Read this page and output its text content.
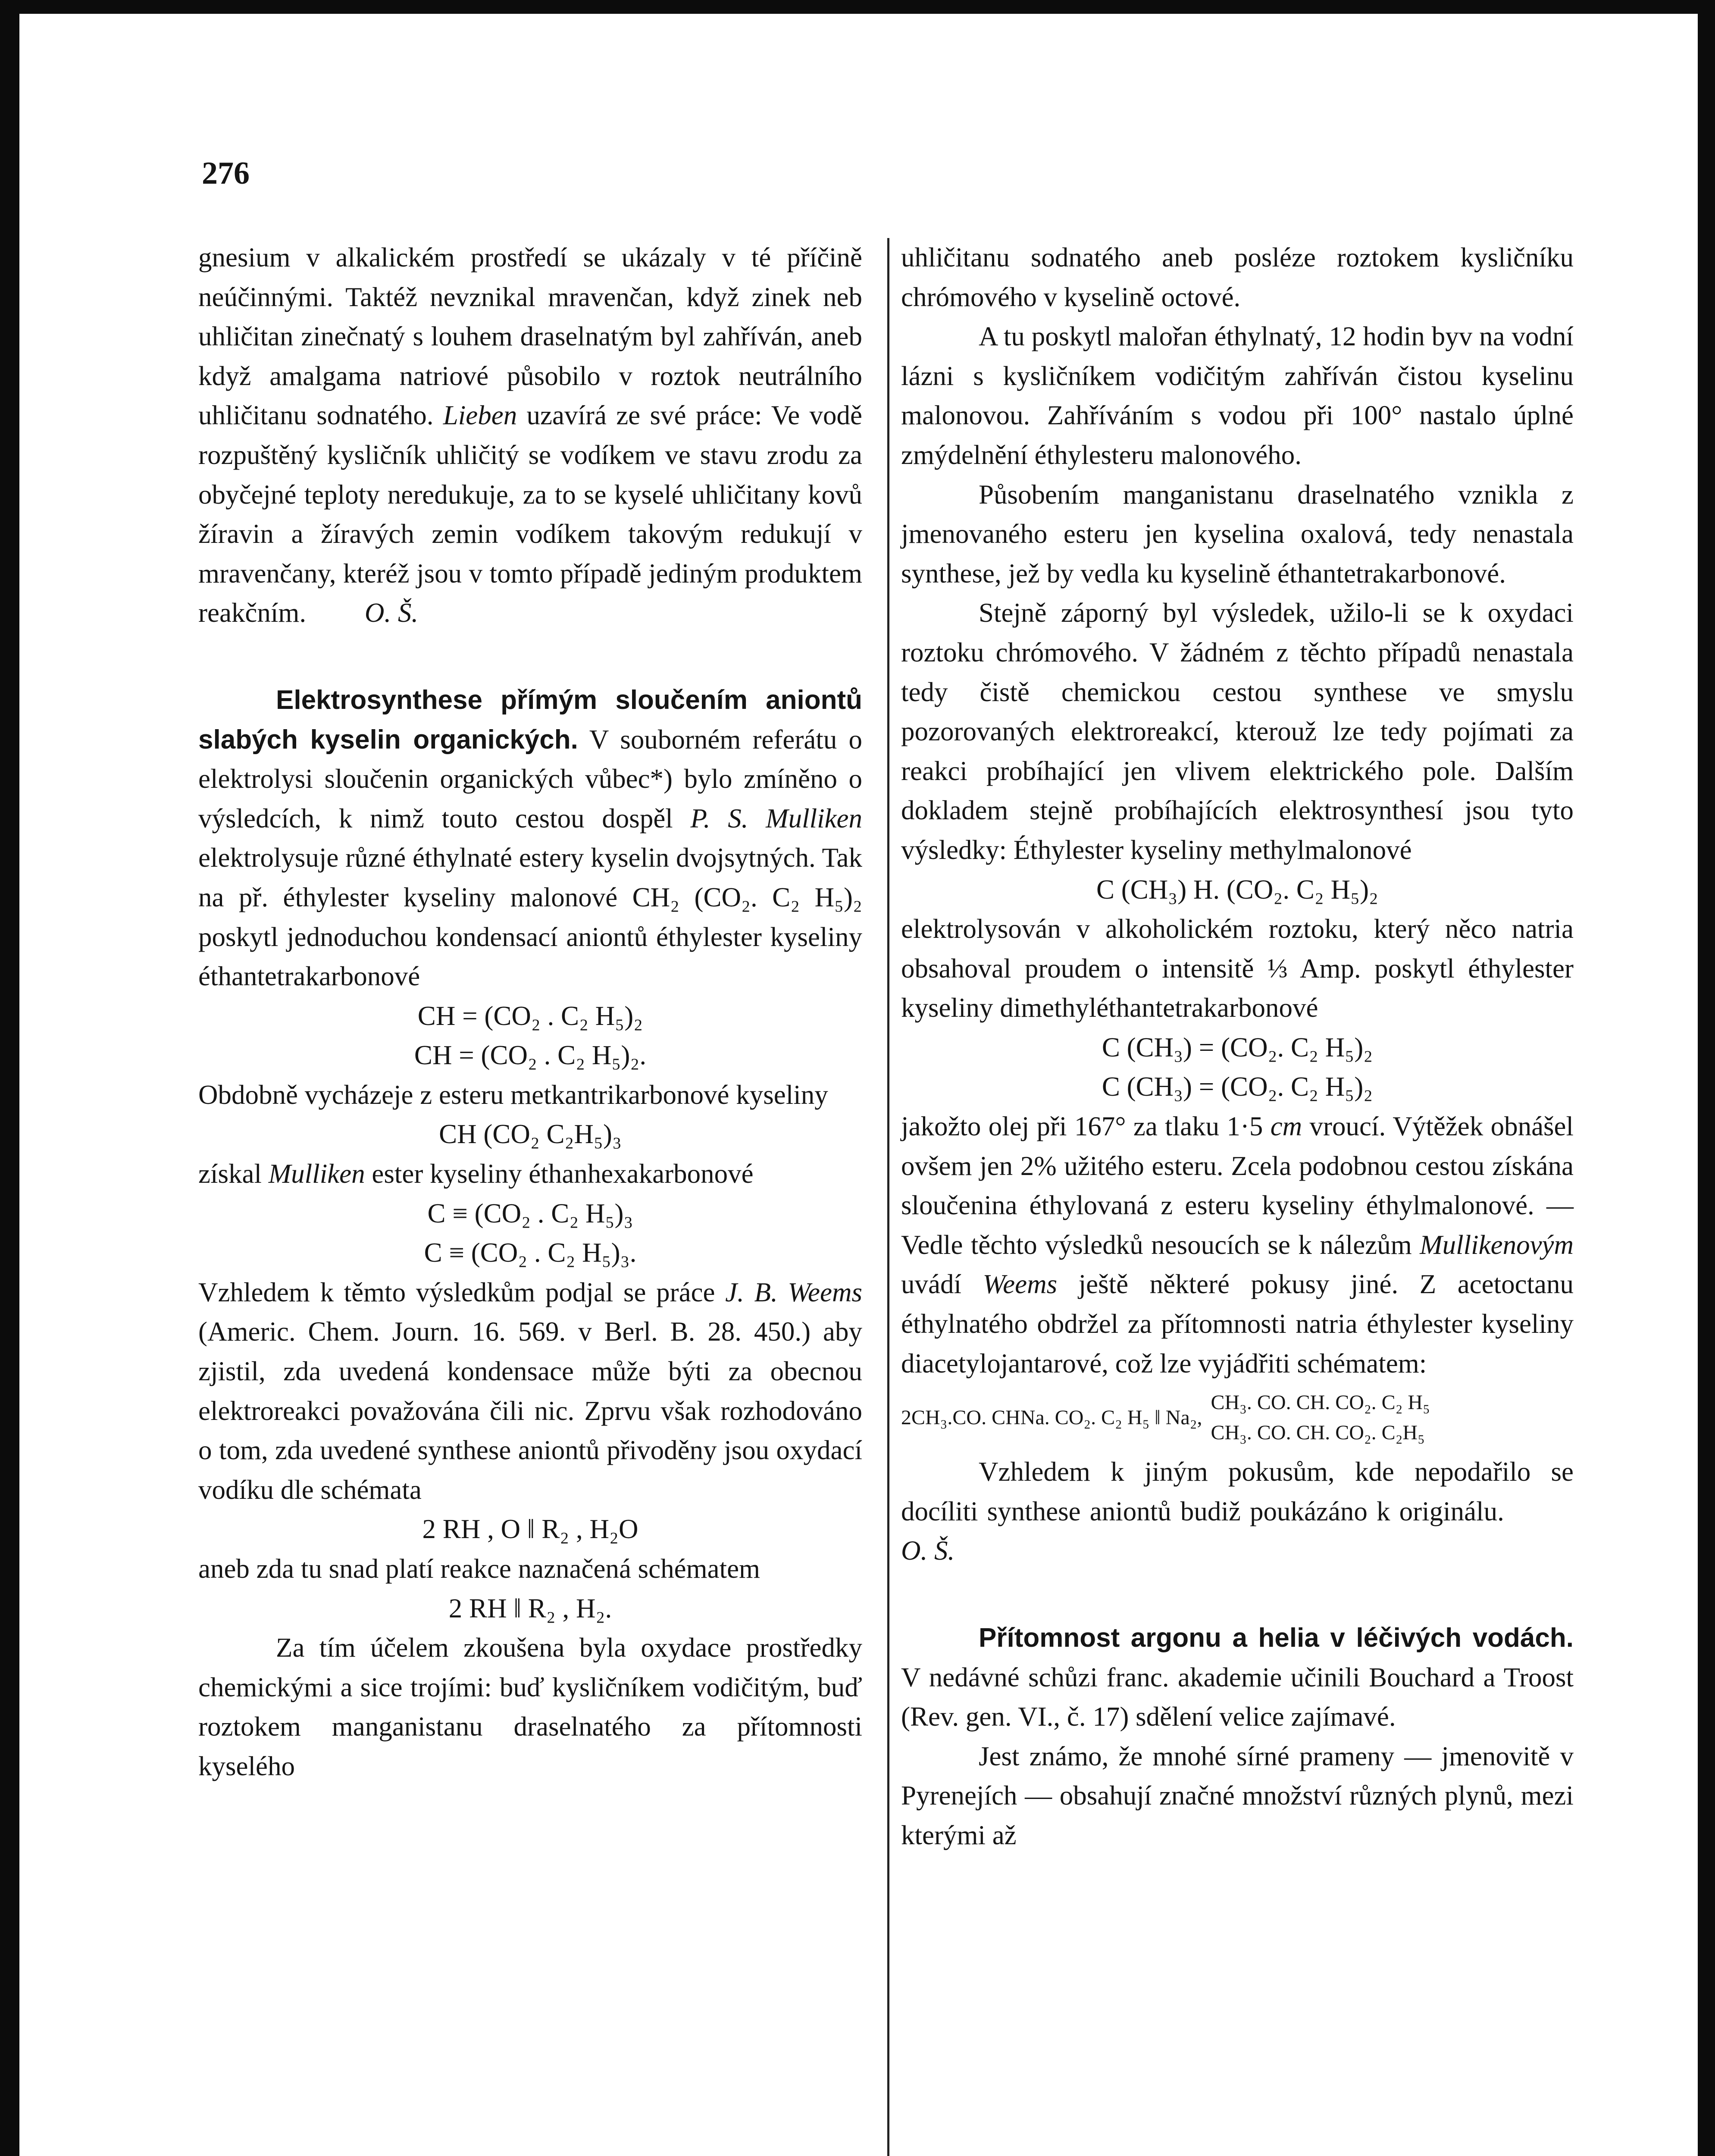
276

gnesium v alkalickém prostředí se ukázaly v té příčině neúčinnými. Taktéž nevznikal mravenčan, když zinek neb uhličitan zinečnatý s louhem draselnatým byl zahříván, aneb když amalgama natriové působilo v roztok neutrálního uhličitanu sodnatého. Lieben uzavírá ze své práce: Ve vodě rozpuštěný kysličník uhličitý se vodíkem ve stavu zrodu za obyčejné teploty neredukuje, za to se kyselé uhličitany kovů žíravin a žíravých zemin vodíkem takovým redukují v mravenčany, kteréž jsou v tomto případě jediným produktem reakčním. O. Š.

Elektrosynthese přímým sloučením aniontů slabých kyselin organických. V souborném referátu o elektrolysi sloučenin organických vůbec*) bylo zmíněno o výsledcích, k nimž touto cestou dospěl P. S. Mulliken elektrolysuje různé éthylnaté estery kyselin dvojsytných. Tak na př. éthylester kyseliny malonové CH₂ (CO₂. C₂ H₅)₂ poskytl jednoduchou kondensací aniontů éthylester kyseliny éthantetrakarbonové

CH = (CO₂ . C₂ H₅)₂

CH = (CO₂ . C₂ H₅)₂.

Obdobně vycházeje z esteru metkantrikarbonové kyseliny

CH (CO₂ C₂H₅)₃

získal Mulliken ester kyseliny éthanhexakarbonové

C ≡ (CO₂ . C₂ H₅)₃

C ≡ (CO₂ . C₂ H₅)₃.

Vzhledem k těmto výsledkům podjal se práce J. B. Weems (Americ. Chem. Journ. 16. 569. v Berl. B. 28. 450.) aby zjistil, zda uvedená kondensace může býti za obecnou elektroreakci považována čili nic. Zprvu však rozhodováno o tom, zda uvedené synthese aniontů přivoděny jsou oxydací vodíku dle schémata

2 RH , O ‖ R₂ , H₂O

aneb zda tu snad platí reakce naznačená schématem

2 RH ‖ R₂ , H₂.

Za tím účelem zkoušena byla oxydace prostředky chemickými a sice trojími: buď kysličníkem vodičitým, buď roztokem manganistanu draselnatého za přítomnosti kyselého

uhličitanu sodnatého aneb posléze roztokem kysličníku chrómového v kyselině octové.

A tu poskytl malořan éthylnatý, 12 hodin byv na vodní lázni s kysličníkem vodičitým zahříván čistou kyselinu malonovou. Zahříváním s vodou při 100° nastalo úplné zmýdelnění éthylesteru malonového.

Působením manganistanu draselnatého vznikla z jmenovaného esteru jen kyselina oxalová, tedy nenastala synthese, jež by vedla ku kyselině éthantetrakarbonové.

Stejně záporný byl výsledek, užilo-li se k oxydaci roztoku chrómového. V žádném z těchto případů nenastala tedy čistě chemickou cestou synthese ve smyslu pozorovaných elektroreakcí, kterouž lze tedy pojímati za reakci probíhající jen vlivem elektrického pole. Dalším dokladem stejně probíhajících elektrosynthesí jsou tyto výsledky: Éthylester kyseliny methylmalonové

C (CH₃) H. (CO₂. C₂ H₅)₂

elektrolysován v alkoholickém roztoku, který něco natria obsahoval proudem o intensitě ⅓ Amp. poskytl éthylester kyseliny dimethyléthantetrakarbonové

C (CH₃) = (CO₂. C₂ H₅)₂

C (CH₃) = (CO₂. C₂ H₅)₂

jakožto olej při 167° za tlaku 1·5 cm vroucí. Výtěžek obnášel ovšem jen 2% užitého esteru. Zcela podobnou cestou získána sloučenina éthylovaná z esteru kyseliny éthylmalonové. — Vedle těchto výsledků nesoucích se k nálezům Mullikenovým uvádí Weems ještě některé pokusy jiné. Z acetoctanu éthylnatého obdržel za přítomnosti natria éthylester kyseliny diacetylojantarové, což lze vyjádřiti schématem:

2CH₃.CO. CHNa. CO₂. C₂ H₅ ‖ Na₂,
CH₃. CO. CH. CO₂. C₂ H₅
CH₃. CO. CH. CO₂. C₂H₅

Vzhledem k jiným pokusům, kde nepodařilo se docíliti synthese aniontů budiž poukázáno k originálu. O. Š.

Přítomnost argonu a helia v léčivých vodách. V nedávné schůzi franc. akademie učinili Bouchard a Troost (Rev. gen. VI., č. 17) sdělení velice zajímavé.

Jest známo, že mnohé sírné prameny — jmenovitě v Pyrenejích — obsahují značné množství různých plynů, mezi kterými až
